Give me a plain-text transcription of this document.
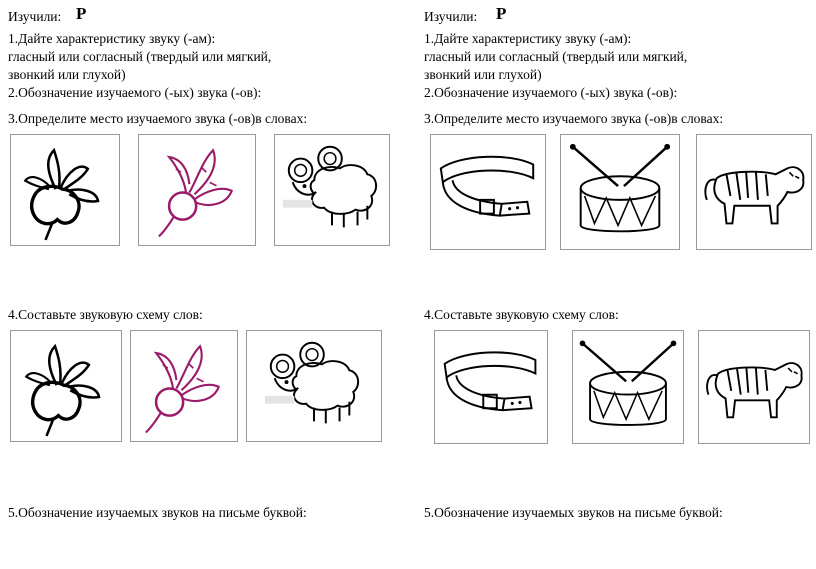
Изучили: Р
1.Дайте характеристику звуку (-ам):
гласный или согласный (твердый или мягкий,
звонкий или глухой)
2.Обозначение изучаемого (-ых) звука (-ов):
3.Определите место изучаемого звука (-ов)в словах:
4.Составьте звуковую схему слов:
5.Обозначение изучаемых звуков на письме буквой:
Изучили: Р
1.Дайте характеристику звуку (-ам):
гласный или согласный (твердый или мягкий,
звонкий или глухой)
2.Обозначение изучаемого (-ых) звука (-ов):
3.Определите место изучаемого звука (-ов)в словах:
4.Составьте звуковую схему слов:
5.Обозначение изучаемых звуков на письме буквой:
